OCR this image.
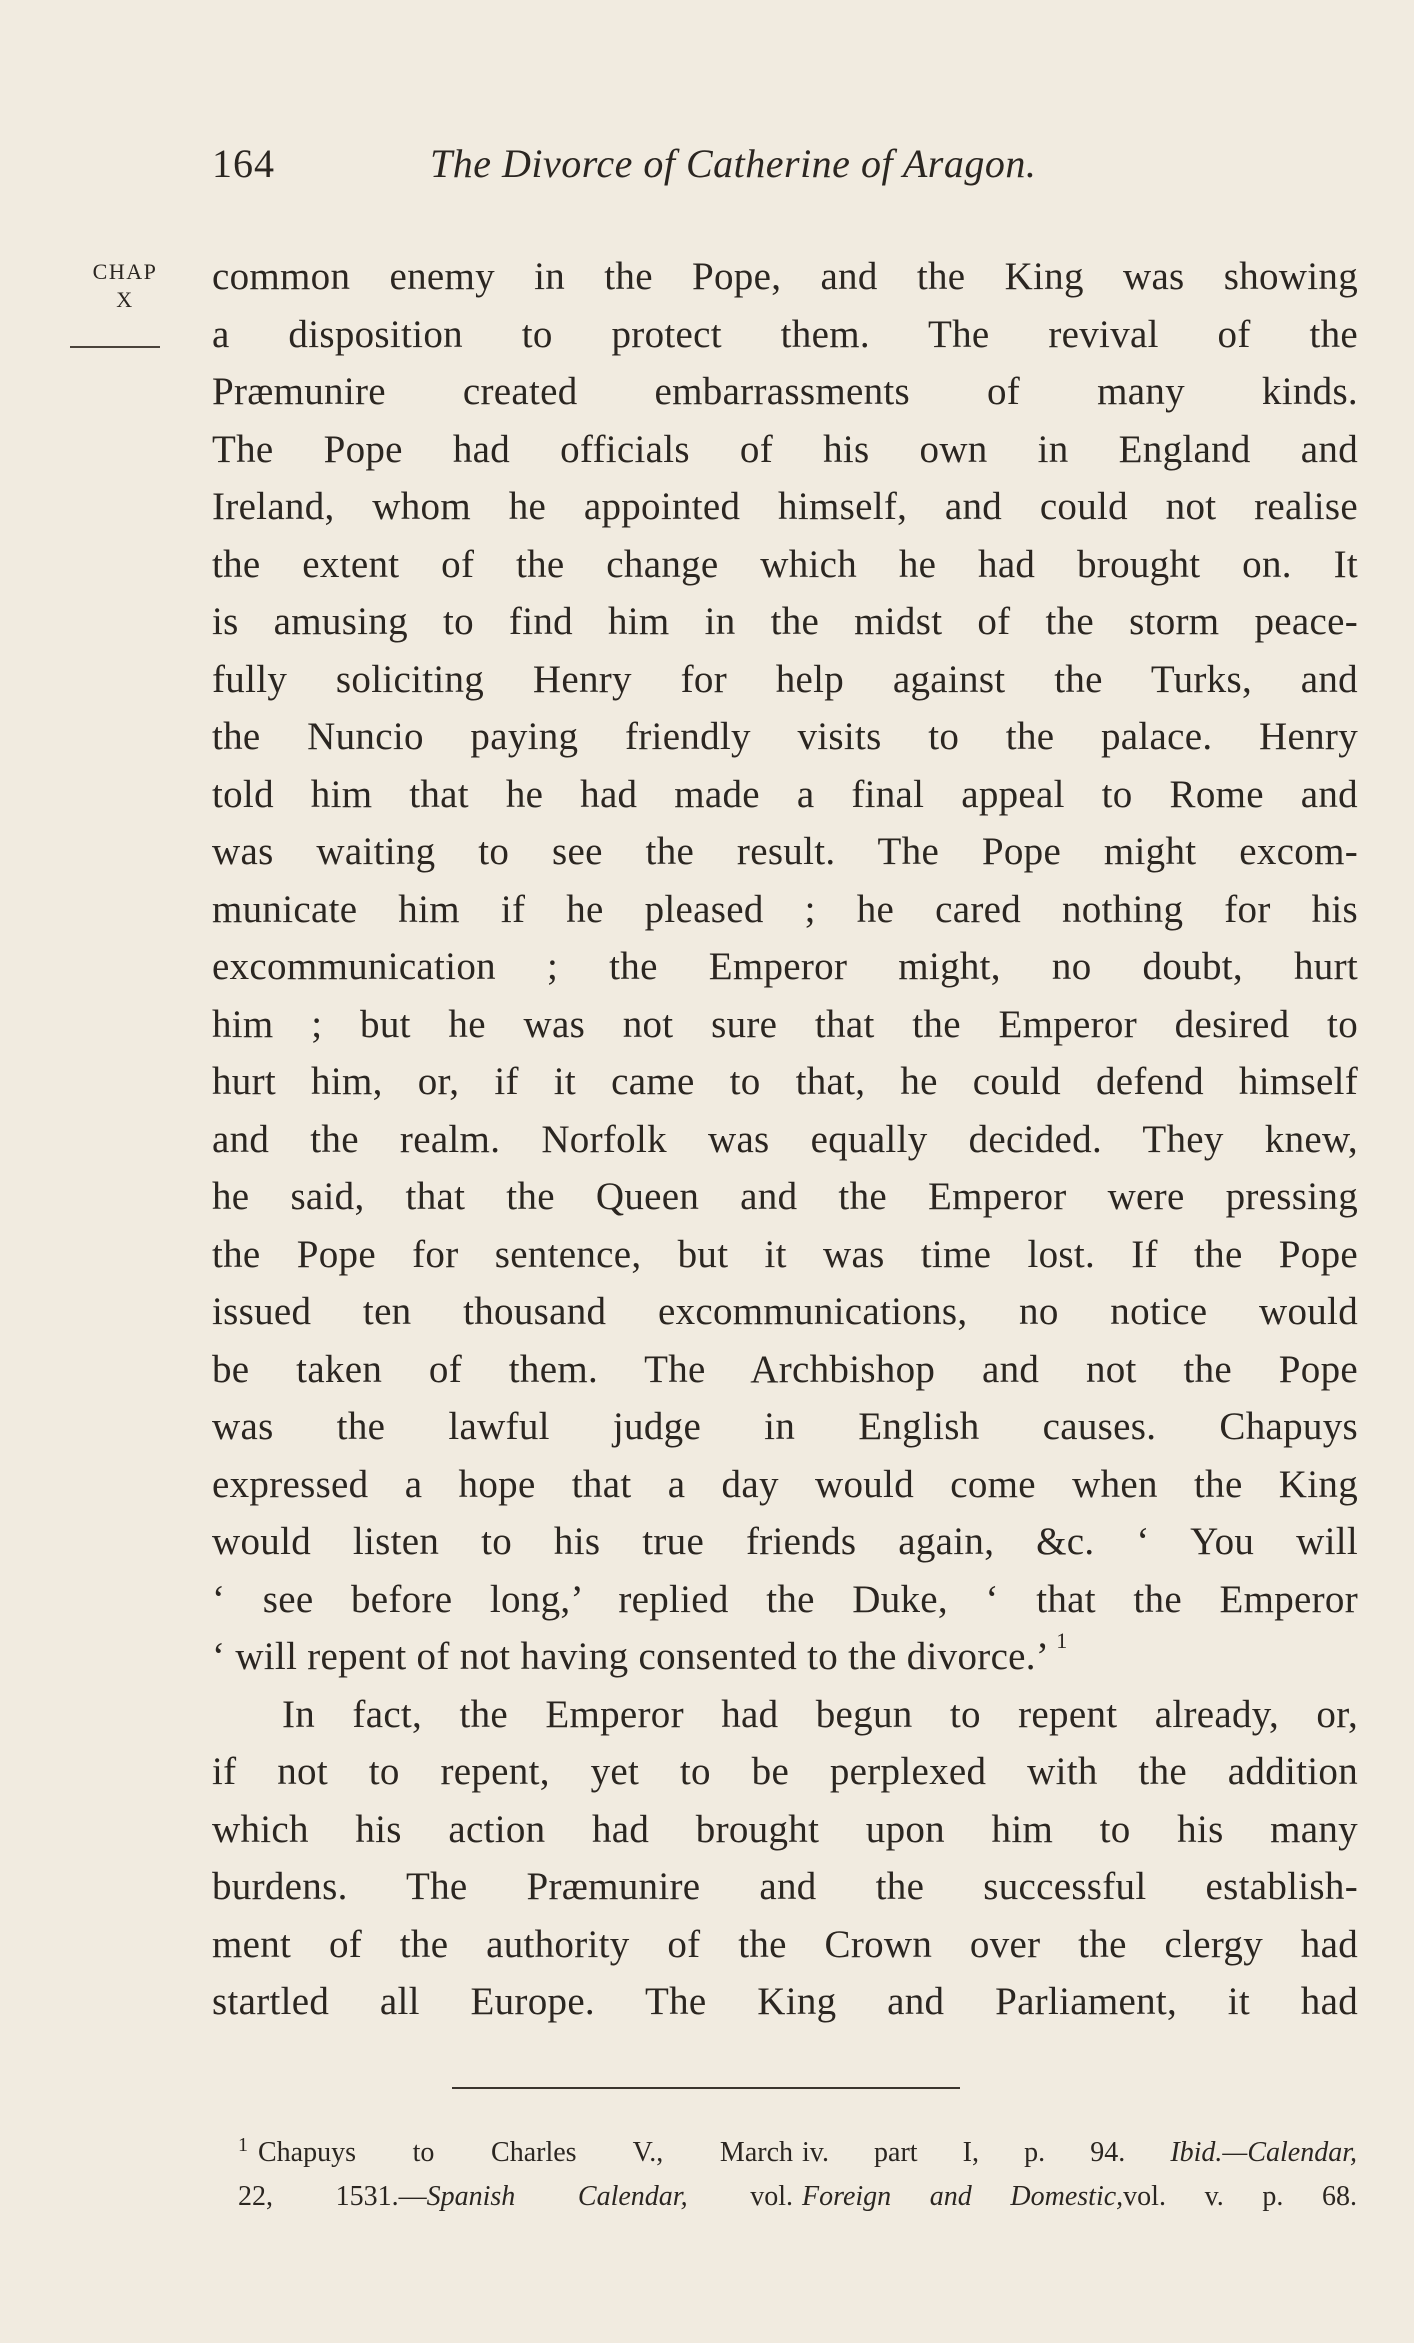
164	The Divorce of Catherine of Aragon.
CHAP
X
common enemy in the Pope, and the King was showing
a disposition to protect them. The revival of the
Præmunire created embarrassments of many kinds.
The Pope had officials of his own in England and
Ireland, whom he appointed himself, and could not realise
the extent of the change which he had brought on. It
is amusing to find him in the midst of the storm peace-
fully soliciting Henry for help against the Turks, and
the Nuncio paying friendly visits to the palace. Henry
told him that he had made a final appeal to Rome and
was waiting to see the result. The Pope might excom-
municate him if he pleased ; he cared nothing for his
excommunication ; the Emperor might, no doubt, hurt
him ; but he was not sure that the Emperor desired to
hurt him, or, if it came to that, he could defend himself
and the realm. Norfolk was equally decided. They knew,
he said, that the Queen and the Emperor were pressing
the Pope for sentence, but it was time lost. If the Pope
issued ten thousand excommunications, no notice would
be taken of them. The Archbishop and not the Pope
was the lawful judge in English causes. Chapuys
expressed a hope that a day would come when the King
would listen to his true friends again, &c. ‘ You will
‘ see before long,’ replied the Duke, ‘ that the Emperor
‘ will repent of not having consented to the divorce.’ $^1$
In fact, the Emperor had begun to repent already, or,
if not to repent, yet to be perplexed with the addition
which his action had brought upon him to his many
burdens. The Præmunire and the successful establish-
ment of the authority of the Crown over the clergy had
startled all Europe. The King and Parliament, it had
$^1$ Chapuys to Charles V., March
22, 1531.—Spanish Calendar, vol.
iv. part I, p. 94. Ibid.—Calendar,
Foreign and Domestic,vol. v. p. 68.
